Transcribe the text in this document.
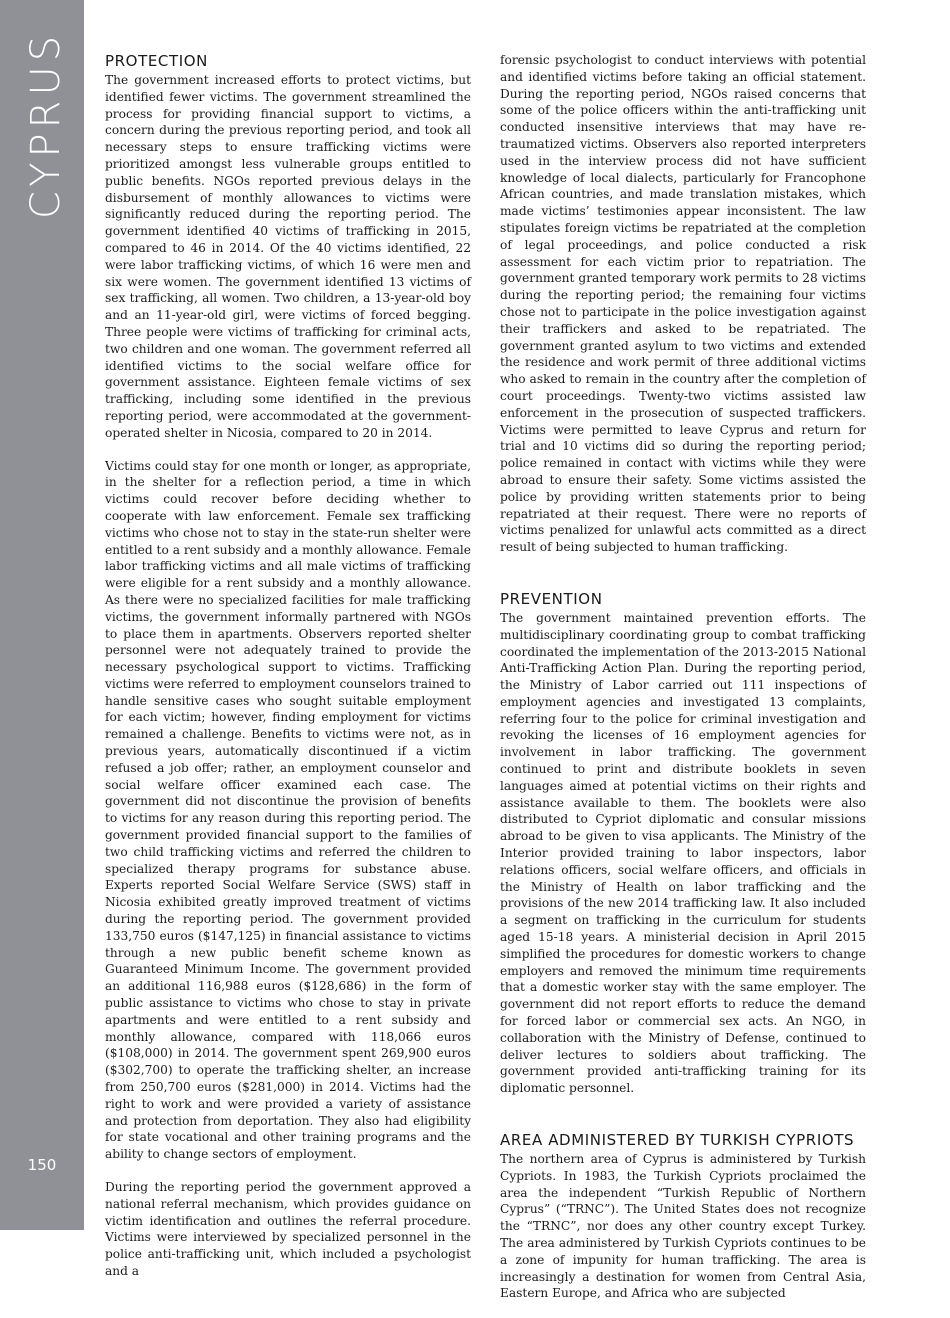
CYPRUS
150
PROTECTION

The government increased efforts to protect victims, but identified fewer victims. The government streamlined the process for providing financial support to victims, a concern during the previous reporting period, and took all necessary steps to ensure trafficking victims were prioritized amongst less vulnerable groups entitled to public benefits. NGOs reported previous delays in the disbursement of monthly allowances to victims were significantly reduced during the reporting period. The government identified 40 victims of trafficking in 2015, compared to 46 in 2014. Of the 40 victims identified, 22 were labor trafficking victims, of which 16 were men and six were women. The government identified 13 victims of sex trafficking, all women. Two children, a 13-year-old boy and an 11-year-old girl, were victims of forced begging. Three people were victims of trafficking for criminal acts, two children and one woman. The government referred all identified victims to the social welfare office for government assistance. Eighteen female victims of sex trafficking, including some identified in the previous reporting period, were accommodated at the government-operated shelter in Nicosia, compared to 20 in 2014.

Victims could stay for one month or longer, as appropriate, in the shelter for a reflection period, a time in which victims could recover before deciding whether to cooperate with law enforcement. Female sex trafficking victims who chose not to stay in the state-run shelter were entitled to a rent subsidy and a monthly allowance. Female labor trafficking victims and all male victims of trafficking were eligible for a rent subsidy and a monthly allowance. As there were no specialized facilities for male trafficking victims, the government informally partnered with NGOs to place them in apartments. Observers reported shelter personnel were not adequately trained to provide the necessary psychological support to victims. Trafficking victims were referred to employment counselors trained to handle sensitive cases who sought suitable employment for each victim; however, finding employment for victims remained a challenge. Benefits to victims were not, as in previous years, automatically discontinued if a victim refused a job offer; rather, an employment counselor and social welfare officer examined each case. The government did not discontinue the provision of benefits to victims for any reason during this reporting period. The government provided financial support to the families of two child trafficking victims and referred the children to specialized therapy programs for substance abuse. Experts reported Social Welfare Service (SWS) staff in Nicosia exhibited greatly improved treatment of victims during the reporting period. The government provided 133,750 euros ($147,125) in financial assistance to victims through a new public benefit scheme known as Guaranteed Minimum Income. The government provided an additional 116,988 euros ($128,686) in the form of public assistance to victims who chose to stay in private apartments and were entitled to a rent subsidy and monthly allowance, compared with 118,066 euros ($108,000) in 2014. The government spent 269,900 euros ($302,700) to operate the trafficking shelter, an increase from 250,700 euros ($281,000) in 2014. Victims had the right to work and were provided a variety of assistance and protection from deportation. They also had eligibility for state vocational and other training programs and the ability to change sectors of employment.

During the reporting period the government approved a national referral mechanism, which provides guidance on victim identification and outlines the referral procedure. Victims were interviewed by specialized personnel in the police anti-trafficking unit, which included a psychologist and a

forensic psychologist to conduct interviews with potential and identified victims before taking an official statement. During the reporting period, NGOs raised concerns that some of the police officers within the anti-trafficking unit conducted insensitive interviews that may have re-traumatized victims. Observers also reported interpreters used in the interview process did not have sufficient knowledge of local dialects, particularly for Francophone African countries, and made translation mistakes, which made victims’ testimonies appear inconsistent. The law stipulates foreign victims be repatriated at the completion of legal proceedings, and police conducted a risk assessment for each victim prior to repatriation. The government granted temporary work permits to 28 victims during the reporting period; the remaining four victims chose not to participate in the police investigation against their traffickers and asked to be repatriated. The government granted asylum to two victims and extended the residence and work permit of three additional victims who asked to remain in the country after the completion of court proceedings. Twenty-two victims assisted law enforcement in the prosecution of suspected traffickers. Victims were permitted to leave Cyprus and return for trial and 10 victims did so during the reporting period; police remained in contact with victims while they were abroad to ensure their safety. Some victims assisted the police by providing written statements prior to being repatriated at their request. There were no reports of victims penalized for unlawful acts committed as a direct result of being subjected to human trafficking.

PREVENTION

The government maintained prevention efforts. The multidisciplinary coordinating group to combat trafficking coordinated the implementation of the 2013-2015 National Anti-Trafficking Action Plan. During the reporting period, the Ministry of Labor carried out 111 inspections of employment agencies and investigated 13 complaints, referring four to the police for criminal investigation and revoking the licenses of 16 employment agencies for involvement in labor trafficking. The government continued to print and distribute booklets in seven languages aimed at potential victims on their rights and assistance available to them. The booklets were also distributed to Cypriot diplomatic and consular missions abroad to be given to visa applicants. The Ministry of the Interior provided training to labor inspectors, labor relations officers, social welfare officers, and officials in the Ministry of Health on labor trafficking and the provisions of the new 2014 trafficking law. It also included a segment on trafficking in the curriculum for students aged 15-18 years. A ministerial decision in April 2015 simplified the procedures for domestic workers to change employers and removed the minimum time requirements that a domestic worker stay with the same employer. The government did not report efforts to reduce the demand for forced labor or commercial sex acts. An NGO, in collaboration with the Ministry of Defense, continued to deliver lectures to soldiers about trafficking. The government provided anti-trafficking training for its diplomatic personnel.

AREA ADMINISTERED BY TURKISH CYPRIOTS

The northern area of Cyprus is administered by Turkish Cypriots. In 1983, the Turkish Cypriots proclaimed the area the independent “Turkish Republic of Northern Cyprus” (“TRNC”). The United States does not recognize the “TRNC”, nor does any other country except Turkey. The area administered by Turkish Cypriots continues to be a zone of impunity for human trafficking. The area is increasingly a destination for women from Central Asia, Eastern Europe, and Africa who are subjected
